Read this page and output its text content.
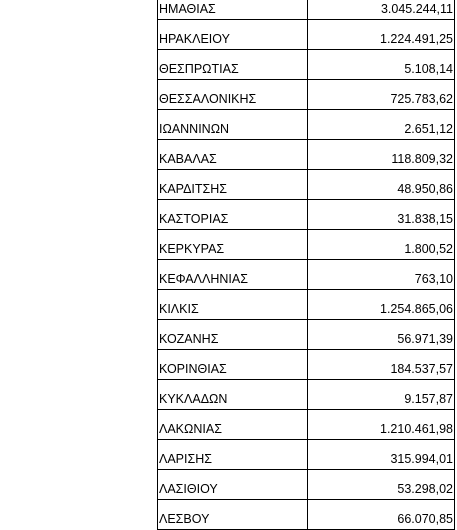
ΗΜΑΘΙΑΣ	3.045.244,11
ΗΡΑΚΛΕΙΟΥ	1.224.491,25
ΘΕΣΠΡΩΤΙΑΣ	5.108,14
ΘΕΣΣΑΛΟΝΙΚΗΣ	725.783,62
ΙΩΑΝΝΙΝΩΝ	2.651,12
ΚΑΒΑΛΑΣ	118.809,32
ΚΑΡΔΙΤΣΗΣ	48.950,86
ΚΑΣΤΟΡΙΑΣ	31.838,15
ΚΕΡΚΥΡΑΣ	1.800,52
ΚΕΦΑΛΛΗΝΙΑΣ	763,10
ΚΙΛΚΙΣ	1.254.865,06
ΚΟΖΑΝΗΣ	56.971,39
ΚΟΡΙΝΘΙΑΣ	184.537,57
ΚΥΚΛΑΔΩΝ	9.157,87
ΛΑΚΩΝΙΑΣ	1.210.461,98
ΛΑΡΙΣΗΣ	315.994,01
ΛΑΣΙΘΙΟΥ	53.298,02
ΛΕΣΒΟΥ	66.070,85
